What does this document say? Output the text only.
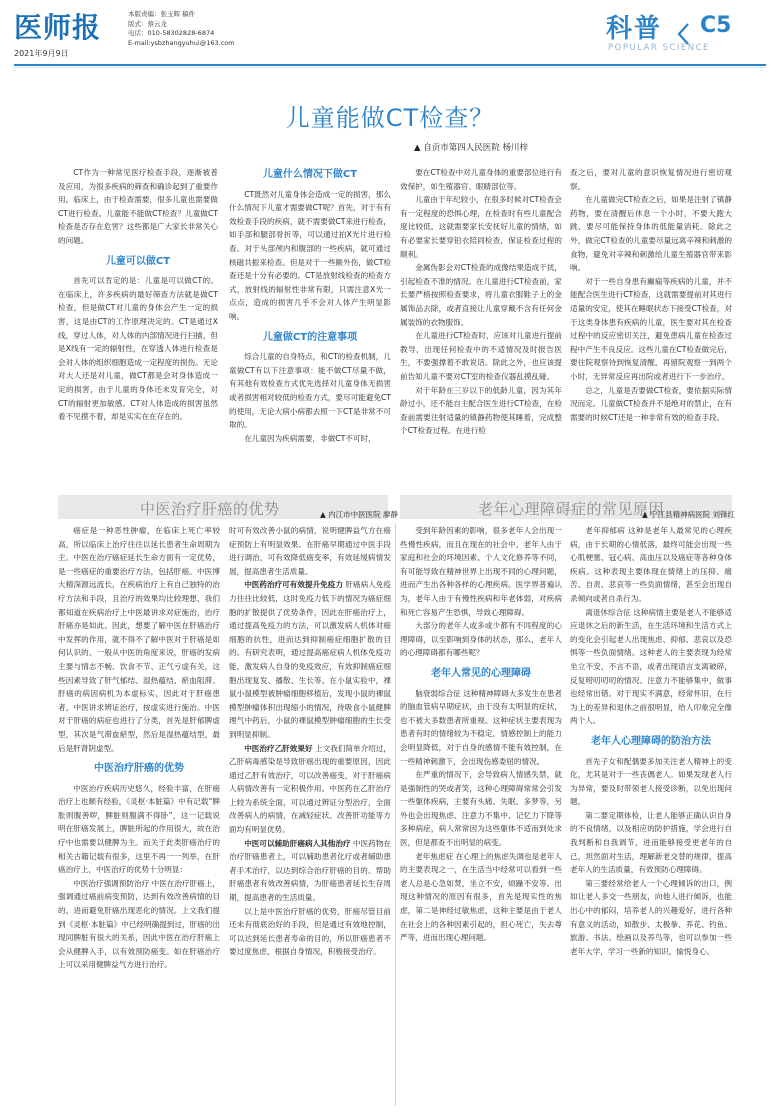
医师报
2021年9月9日
本版责编：张玉辉 稿件
版式：蔡云龙
电话：010-58302828-6874
E-mail:ysbzhangyuhui@163.com	科普 C5
POPULAR SCIENCE
儿童能做CT检查？
▲ 自贡市第四人民医院 杨川梓

CT作为一种常见医疗检查手段，逐渐被普及应用，为很多疾病的筛查和确诊起到了重要作用。临床上，由于检查需要，很多儿童也需要做CT进行检查。儿童能不能做CT检查？儿童做CT检查是否存在危害？这些都是广大家长非常关心的问题。

儿童可以做CT

首先可以肯定的是：儿童是可以做CT的。在临床上，许多疾病的最好筛查方法就是做CT检查，但是做CT对儿童的身体会产生一定的损害，这是由CT的工作原理决定的。CT是通过X线，穿过人体，对人体的内部情况进行扫描，但是X线有一定的辐射性，在穿透人体进行检查是会对人体的组织细胞造成一定程度的损伤。无论对大人还是对儿童，做CT都是会对身体造成一定的损害，由于儿童的身体还未发育完全，对CT的辐射更加敏感。CT对人体造成的损害虽然看不见摸不着，却是实实在在存在的。

儿童什么情况下做CT

CT既然对儿童身体会造成一定的损害，那么什么情况下儿童才需要做CT呢？首先，对于有有效检查手段的疾病，就不需要做CT来进行检查，如手部和腿部骨折等，可以通过拍X光片进行检查。对于头部颅内和腹部的一些疾病，就可通过核磁共振来检查。但是对于一些额外伤，做CT检查还是十分有必要的。CT是放射线检查的检查方式，放射线的辐射性非常有限，只需注意X光一点点，造成的损害几乎不会对人体产生明显影响。

儿童做CT的注意事项

综合儿童的自身特点，和CT的检查机制，儿童做CT有以下注意事项：能不做CT尽量不做，有其他有效检查方式优先选择对儿童身体无损害或者损害相对较低的检查方式，要尽可能避免CT的使用，无论大病小病都去照一下CT是非常不可取的。

在儿童因为疾病需要，非做CT不可时，

要在CT检查中对儿童身体的重要部位进行有效保护，如生殖器官、眼睛部位等。

儿童由于年纪较小，在很多时候对CT检查会有一定程度的恐惧心理，在检查时有些儿童配合度比较低，这就需要家长安抚好儿童的情绪，如有必要家长要穿铅衣陪同检查，保证检查过程的顺利。

金属伪影会对CT检查的成像结果造成干扰，引起检查不准的情况。在儿童进行CT检查前，家长要严格按照检查要求，将儿童衣服鞋子上的金属饰品去除，或者直接让儿童穿戴不含有任何金属装饰的衣物服饰。

在儿童进行CT检查时，应该对儿童进行提前教导，出现任何检查中的不适情况及时报告医生，不要强撑着不敢说话。除此之外，也应该提前告知儿童不要对CT室的检查仪器乱摸乱碰。

对于年龄在三岁以下的低龄儿童，因为其年龄过小，还不能自主配合医生进行CT检查，在检查前需要注射适量的镇静药物使其睡着，完成整个CT检查过程。在进行检

查之后，要对儿童的意识恢复情况进行密切观察。

在儿童做完CT检查之后，如果是注射了镇静药物，要在清醒后休息一个小时，不要大跑大跳，要尽可能保持身体的低能量消耗。除此之外，做完CT检查的儿童要尽量远离辛辣和刺激的食物，避免对辛辣和刺激给儿童生殖器官带来影响。

对于一些自身患有癫痫等疾病的儿童，并不能配合医生进行CT检查，这就需要提前对其进行适量的安定，使其在睡眠状态下接受CT检查，对于这类身体患有疾病的儿童，医生要对其在检查过程中的反应密切关注，避免患病儿童在检查过程中产生不良反应。这些儿童在CT检查做完后，要住院观察待到恢复清醒，再留院观察一到两个小时，无异常反应再出院或者进行下一步治疗。

总之，儿童是否要做CT检查，要依据实际情况而定。儿童做CT检查并不是绝对的禁止，在有需要的时候CT还是一种非常有效的检查手段。

中医治疗肝癌的优势	▲ 内江市中医医院 廖静	老年心理障碍症的常见原因
▲ 宁江县精神病医院 刘锋红

癌症是一种恶性肿瘤，在临床上死亡率较高，所以临床上治疗往往以延长患者生命周期为主。中医在治疗癌症延长生命方面有一定优势，是一些癌症的重要治疗方法，包括肝癌。中医博大精深源远流长，在疾病治疗上有自己独特的治疗方法和手段，且治疗的效果均比较理想，我们都知道在疾病治疗上中医最讲求对症施治，治疗肝癌亦是如此。因此，想要了解中医在肝癌治疗中发挥的作用，就不得不了解中医对于肝癌是如何认识的。一般从中医的角度来说，肝癌的发病主要与情志不畅、饮食不节、正气亏虚有关，这些因素导致了肝气郁结、湿热蕴结、瘀血阻滞。肝癌的病因病机为本虚标实，因此对于肝癌患者，中医讲求辨证治疗，按虚实进行施治。中医对于肝癌的病症也进行了分类，首先是肝郁脾虚型，其次是气滞血瘀型，然后是湿热蕴结型，最后是肝肾阴虚型。

中医治疗肝癌的优势

中医治疗疾病历史悠久，经验丰富，在肝癌治疗上也颇有经验，《灵枢·本脏篇》中有记载“脾胀则腹善哕，脾脏则腹满不得卧”，这一记载说明在肝癌发展上，脾脏所起的作用很大，故在治疗中也需要以健脾为主。而关于此类肝癌治疗的相关古籍记载有很多，这里不再一一列举，在肝癌治疗上，中医治疗的优势十分明显：

中医治疗强调预防治疗 中医在治疗肝癌上，强调通过癌前病变预防，达到有效改善病情的目的，进而避免肝癌出现恶化的情况。上文我们提到《灵枢·本脏篇》中已经明确提到过，肝癌的出现同脾脏有很大的关系，因此中医在治疗肝癌上会从健脾入手，以有效预防癌变。如在肝癌治疗上可以采用健脾益气方进行治疗。

时可有效改善小鼠的病情，说明健脾益气方在癌症预防上有明显效果。在肝癌早期通过中医手段进行调治，可有效降低癌变率，有效延缓病情发展，提高患者生活质量。

中医药治疗可有效提升免疫力 肝癌病人免疫力往往比较低，这时免疫力低下的情况为癌症细胞的扩散提供了优势条件，因此在肝癌治疗上，通过提高免疫力的方法，可以激发病人机体对癌细胞的抗性，进而达到抑制癌症细胞扩散的目的。有研究表明，通过提高癌症病人机体免疫功能，激发病人自身的免疫效应，有效抑制癌症细胞出现复发、播散、生长等。在小鼠实验中，裸鼠小鼠模型被肿瘤细胞移植后，发现小鼠的裸鼠模型肿瘤体积出现缩小的情况，待吸食小鼠健脾理气中药后，小鼠的裸鼠模型肿瘤细胞的生长受到明显抑制。

中医治疗乙肝效果好 上文我们简单介绍过，乙肝病毒感染是导致肝癌出现的重要原因，因此通过乙肝有效治疗，可以改善癌变，对于肝癌病人病情改善有一定积极作用。中医药在乙肝治疗上较为系统全面，可以通过辨证分型治疗，全面改善病人的病情，在减轻症状、改善肝功能等方面均有明显优势。

中医可以辅助肝癌病人其他治疗 中医药物在治疗肝癌患者上，可以辅助患者化疗或者辅助患者手术治疗，以达到综合治疗肝癌的目的。帮助肝癌患者有效改善病情，为肝癌患者延长生存周期，提高患者的生活质量。

以上是中医治疗肝癌的优势，肝癌尽管目前还未有彻底治好的手段，但是通过有效地控制，可以达到延长患者寿命的目的，所以肝癌患者不要过度焦虑，根据自身情况，积极接受治疗。

受到年龄因素的影响，很多老年人会出现一些慢性疾病，而且在现在的社会中，老年人由于家庭和社会的环境因素、个人文化修养等不同，有可能导致在精神世界上出现不同的心理问题，进而产生出各种各样的心理疾病。医学界普遍认为，老年人由于有慢性疾病和年老体弱，对疾病和死亡容易产生恐惧，导致心理障碍。

大部分的老年人或多或少都有不同程度的心理障碍，以至影响到身体的状态，那么，老年人的心理障碍都有哪些呢？

老年人常见的心理障碍

脑衰弱综合征 这种精神障碍大多发生在患者的脑血管病早期症状，由于没有太明显的症状，也不被大多数患者所重视。这种症状主要表现为患者有时的情绪较为不稳定，情感控制上的能力会明显降低，对于自身的感情不能有效控制，在一些精神刺激下，会出现伤感委屈的情况。

在严重的情况下，会导致病人情感失禁，就是强制性的哭或者笑，这种心理障碍常常会引发一些躯体疾病，主要有头痛、失眠、多梦等，另外也会出现焦虑、注意力不集中、记忆力下降等多种病症，病人常常因为这些躯体不适而到处求医，但是都查不出明显的病变。

老年焦虑症 在心理上的焦虑失调也是老年人的主要表现之一，在生活当中经常可以看到一些老人总是心急如焚，坐立不安，烦躁不安等。出现这种情况的原因有很多，首先是现实性的焦虑，第二是神经过敏焦虑，这种主要是由于老人在社会上的各种因素引起的，担心死亡，失去尊严等，进而出现心理问题。

老年抑郁病 这种是老年人最常见的心理疾病，由于长期的心情低落，最终可能会出现一些心肌梗塞、冠心病、高血压以及癌症等各种身体疾病。这种表现主要体现在情绪上的压抑、痛苦、自责、悲哀等一些负面情绪，甚至会出现自杀倾向或者自杀行为。

离退休综合征 这种病情主要是老人不能够适应退休之后的新生活，在生活环境和生活方式上的变化会引起老人出现焦虑、抑郁、悲哀以及恐惧等一些负面情绪。这种老人的主要表现为经常坐立不安，不言不语，或者出现语言支离破碎，反复唠叨叨叨的情况。注意力不能够集中，做事也经常出错。对于现实不满意，经常怀旧，在行为上的差异和退休之前很明显，给人印象完全像两个人。

老年人心理障碍的防治方法

首先子女和配偶要多加关注老人精神上的变化，尤其是对于一些丧偶老人。如果发现老人行为异常，要及时带领老人接受诊断，以免出现问题。

第二要定期体检，让老人能够正确认识自身的不良情绪，以及相应的防护措施，学会进行自我判断和自我调节，进而能够接受更老年的自己，坦然面对生活，理解新老交替的规律，提高老年人的生活质量，有效预防心理障碍。

第三要经常给老人一个心理倾诉的出口，例如让老人多交一些朋友，向他人进行倾诉，也能出心中的郁闷，培养老人的兴趣爱好，进行各种有意义的活动，如散步、太极拳、养花、钓鱼、旅游、书法、绘画以及养鸟等，也可以参加一些老年大学，学习一些新的知识，愉悦身心。
